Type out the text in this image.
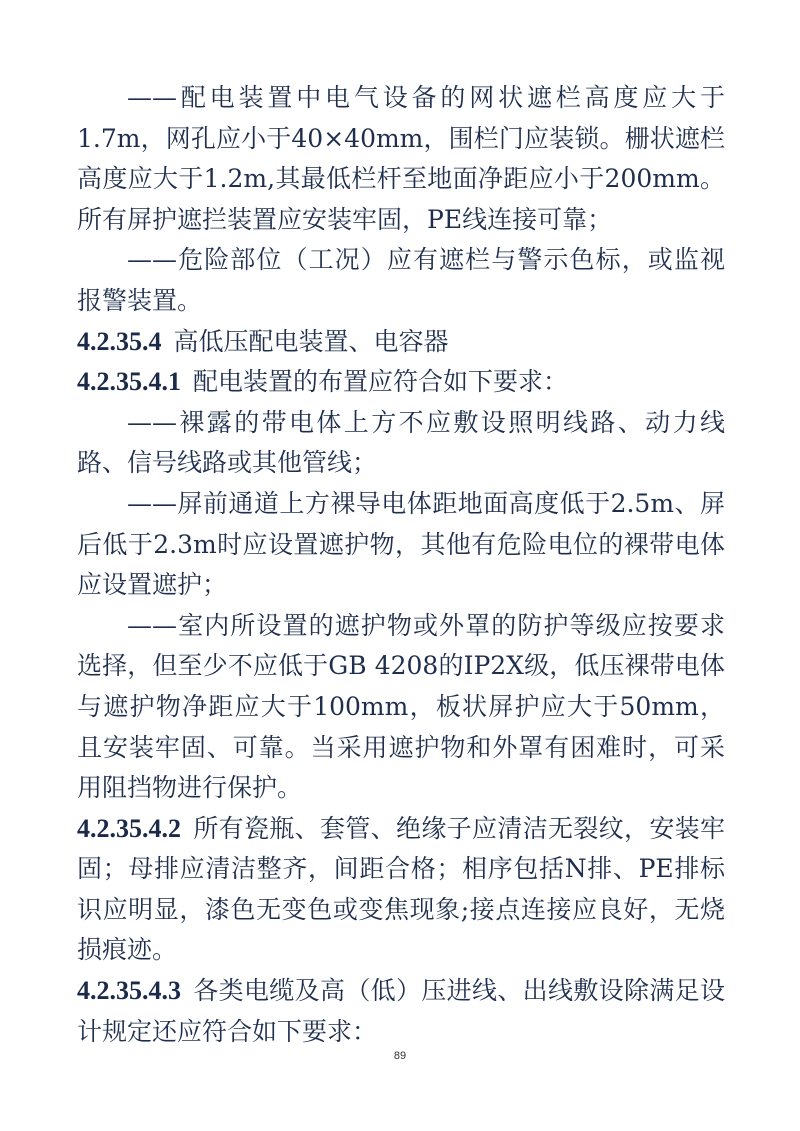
——配电装置中电气设备的网状遮栏高度应大于1.7m，网孔应小于40×40mm，围栏门应装锁。栅状遮栏高度应大于1.2m,其最低栏杆至地面净距应小于200mm。所有屏护遮拦装置应安装牢固，PE线连接可靠；

——危险部位（工况）应有遮栏与警示色标，或监视报警装置。

4.2.35.4 高低压配电装置、电容器

4.2.35.4.1 配电装置的布置应符合如下要求：

——裸露的带电体上方不应敷设照明线路、动力线路、信号线路或其他管线；

——屏前通道上方裸导电体距地面高度低于2.5m、屏后低于2.3m时应设置遮护物，其他有危险电位的裸带电体应设置遮护；

——室内所设置的遮护物或外罩的防护等级应按要求选择，但至少不应低于GB 4208的IP2X级，低压裸带电体与遮护物净距应大于100mm，板状屏护应大于50mm，且安装牢固、可靠。当采用遮护物和外罩有困难时，可采用阻挡物进行保护。

4.2.35.4.2 所有瓷瓶、套管、绝缘子应清洁无裂纹，安装牢固；母排应清洁整齐，间距合格；相序包括N排、PE排标识应明显，漆色无变色或变焦现象;接点连接应良好，无烧损痕迹。

4.2.35.4.3 各类电缆及高（低）压进线、出线敷设除满足设计规定还应符合如下要求：

89
